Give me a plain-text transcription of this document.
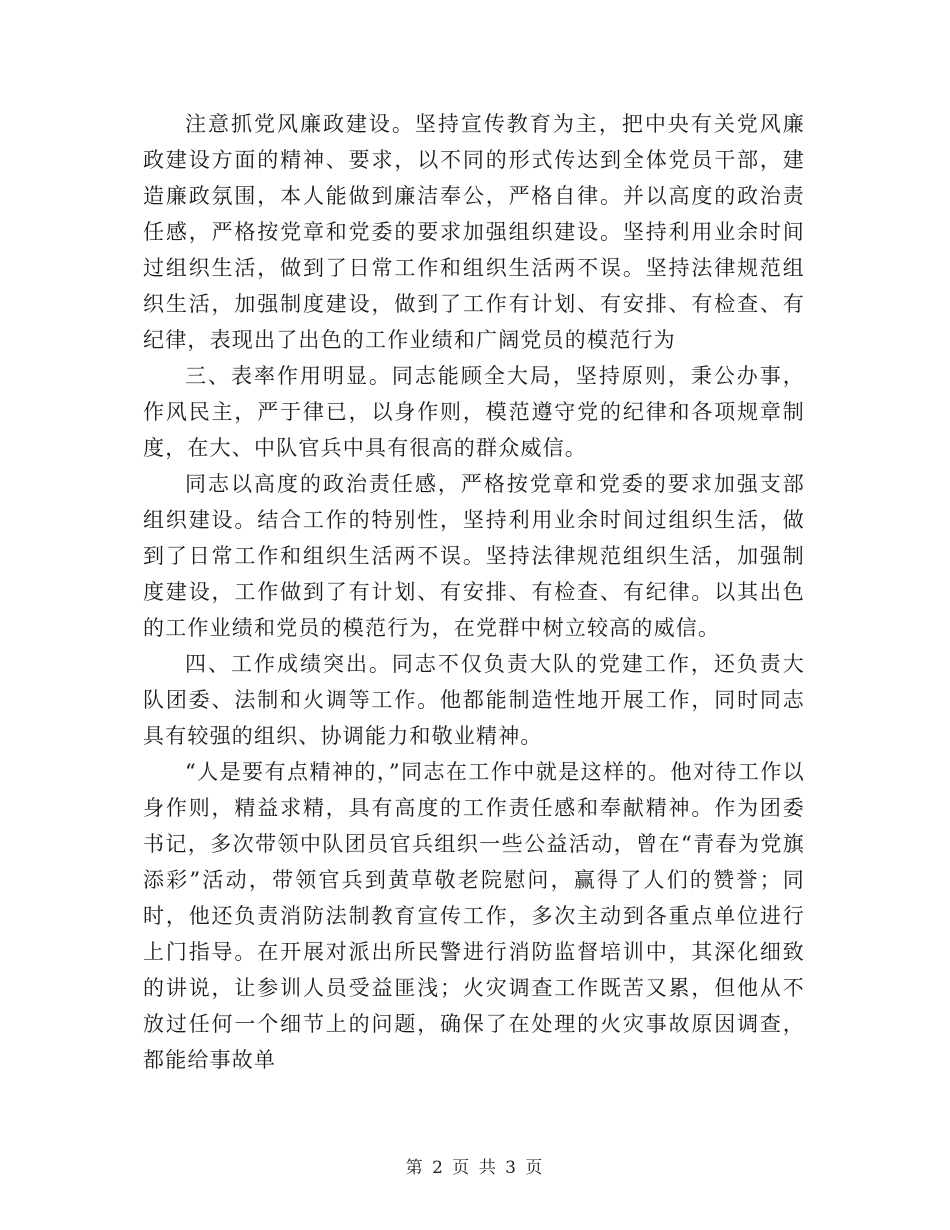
注意抓党风廉政建设。坚持宣传教育为主，把中央有关党风廉政建设方面的精神、要求，以不同的形式传达到全体党员干部，建造廉政氛围，本人能做到廉洁奉公，严格自律。并以高度的政治责任感，严格按党章和党委的要求加强组织建设。坚持利用业余时间过组织生活，做到了日常工作和组织生活两不误。坚持法律规范组织生活，加强制度建设，做到了工作有计划、有安排、有检查、有纪律，表现出了出色的工作业绩和广阔党员的模范行为

三、表率作用明显。同志能顾全大局，坚持原则，秉公办事，作风民主，严于律已，以身作则，模范遵守党的纪律和各项规章制度，在大、中队官兵中具有很高的群众威信。

同志以高度的政治责任感，严格按党章和党委的要求加强支部组织建设。结合工作的特别性，坚持利用业余时间过组织生活，做到了日常工作和组织生活两不误。坚持法律规范组织生活，加强制度建设，工作做到了有计划、有安排、有检查、有纪律。以其出色的工作业绩和党员的模范行为，在党群中树立较高的威信。

四、工作成绩突出。同志不仅负责大队的党建工作，还负责大队团委、法制和火调等工作。他都能制造性地开展工作，同时同志具有较强的组织、协调能力和敬业精神。

“人是要有点精神的，”同志在工作中就是这样的。他对待工作以身作则，精益求精，具有高度的工作责任感和奉献精神。作为团委书记，多次带领中队团员官兵组织一些公益活动，曾在“青春为党旗添彩”活动，带领官兵到黄草敬老院慰问，赢得了人们的赞誉；同时，他还负责消防法制教育宣传工作，多次主动到各重点单位进行上门指导。在开展对派出所民警进行消防监督培训中，其深化细致的讲说，让参训人员受益匪浅；火灾调查工作既苦又累，但他从不放过任何一个细节上的问题，确保了在处理的火灾事故原因调查，都能给事故单

第 2 页 共 3 页
